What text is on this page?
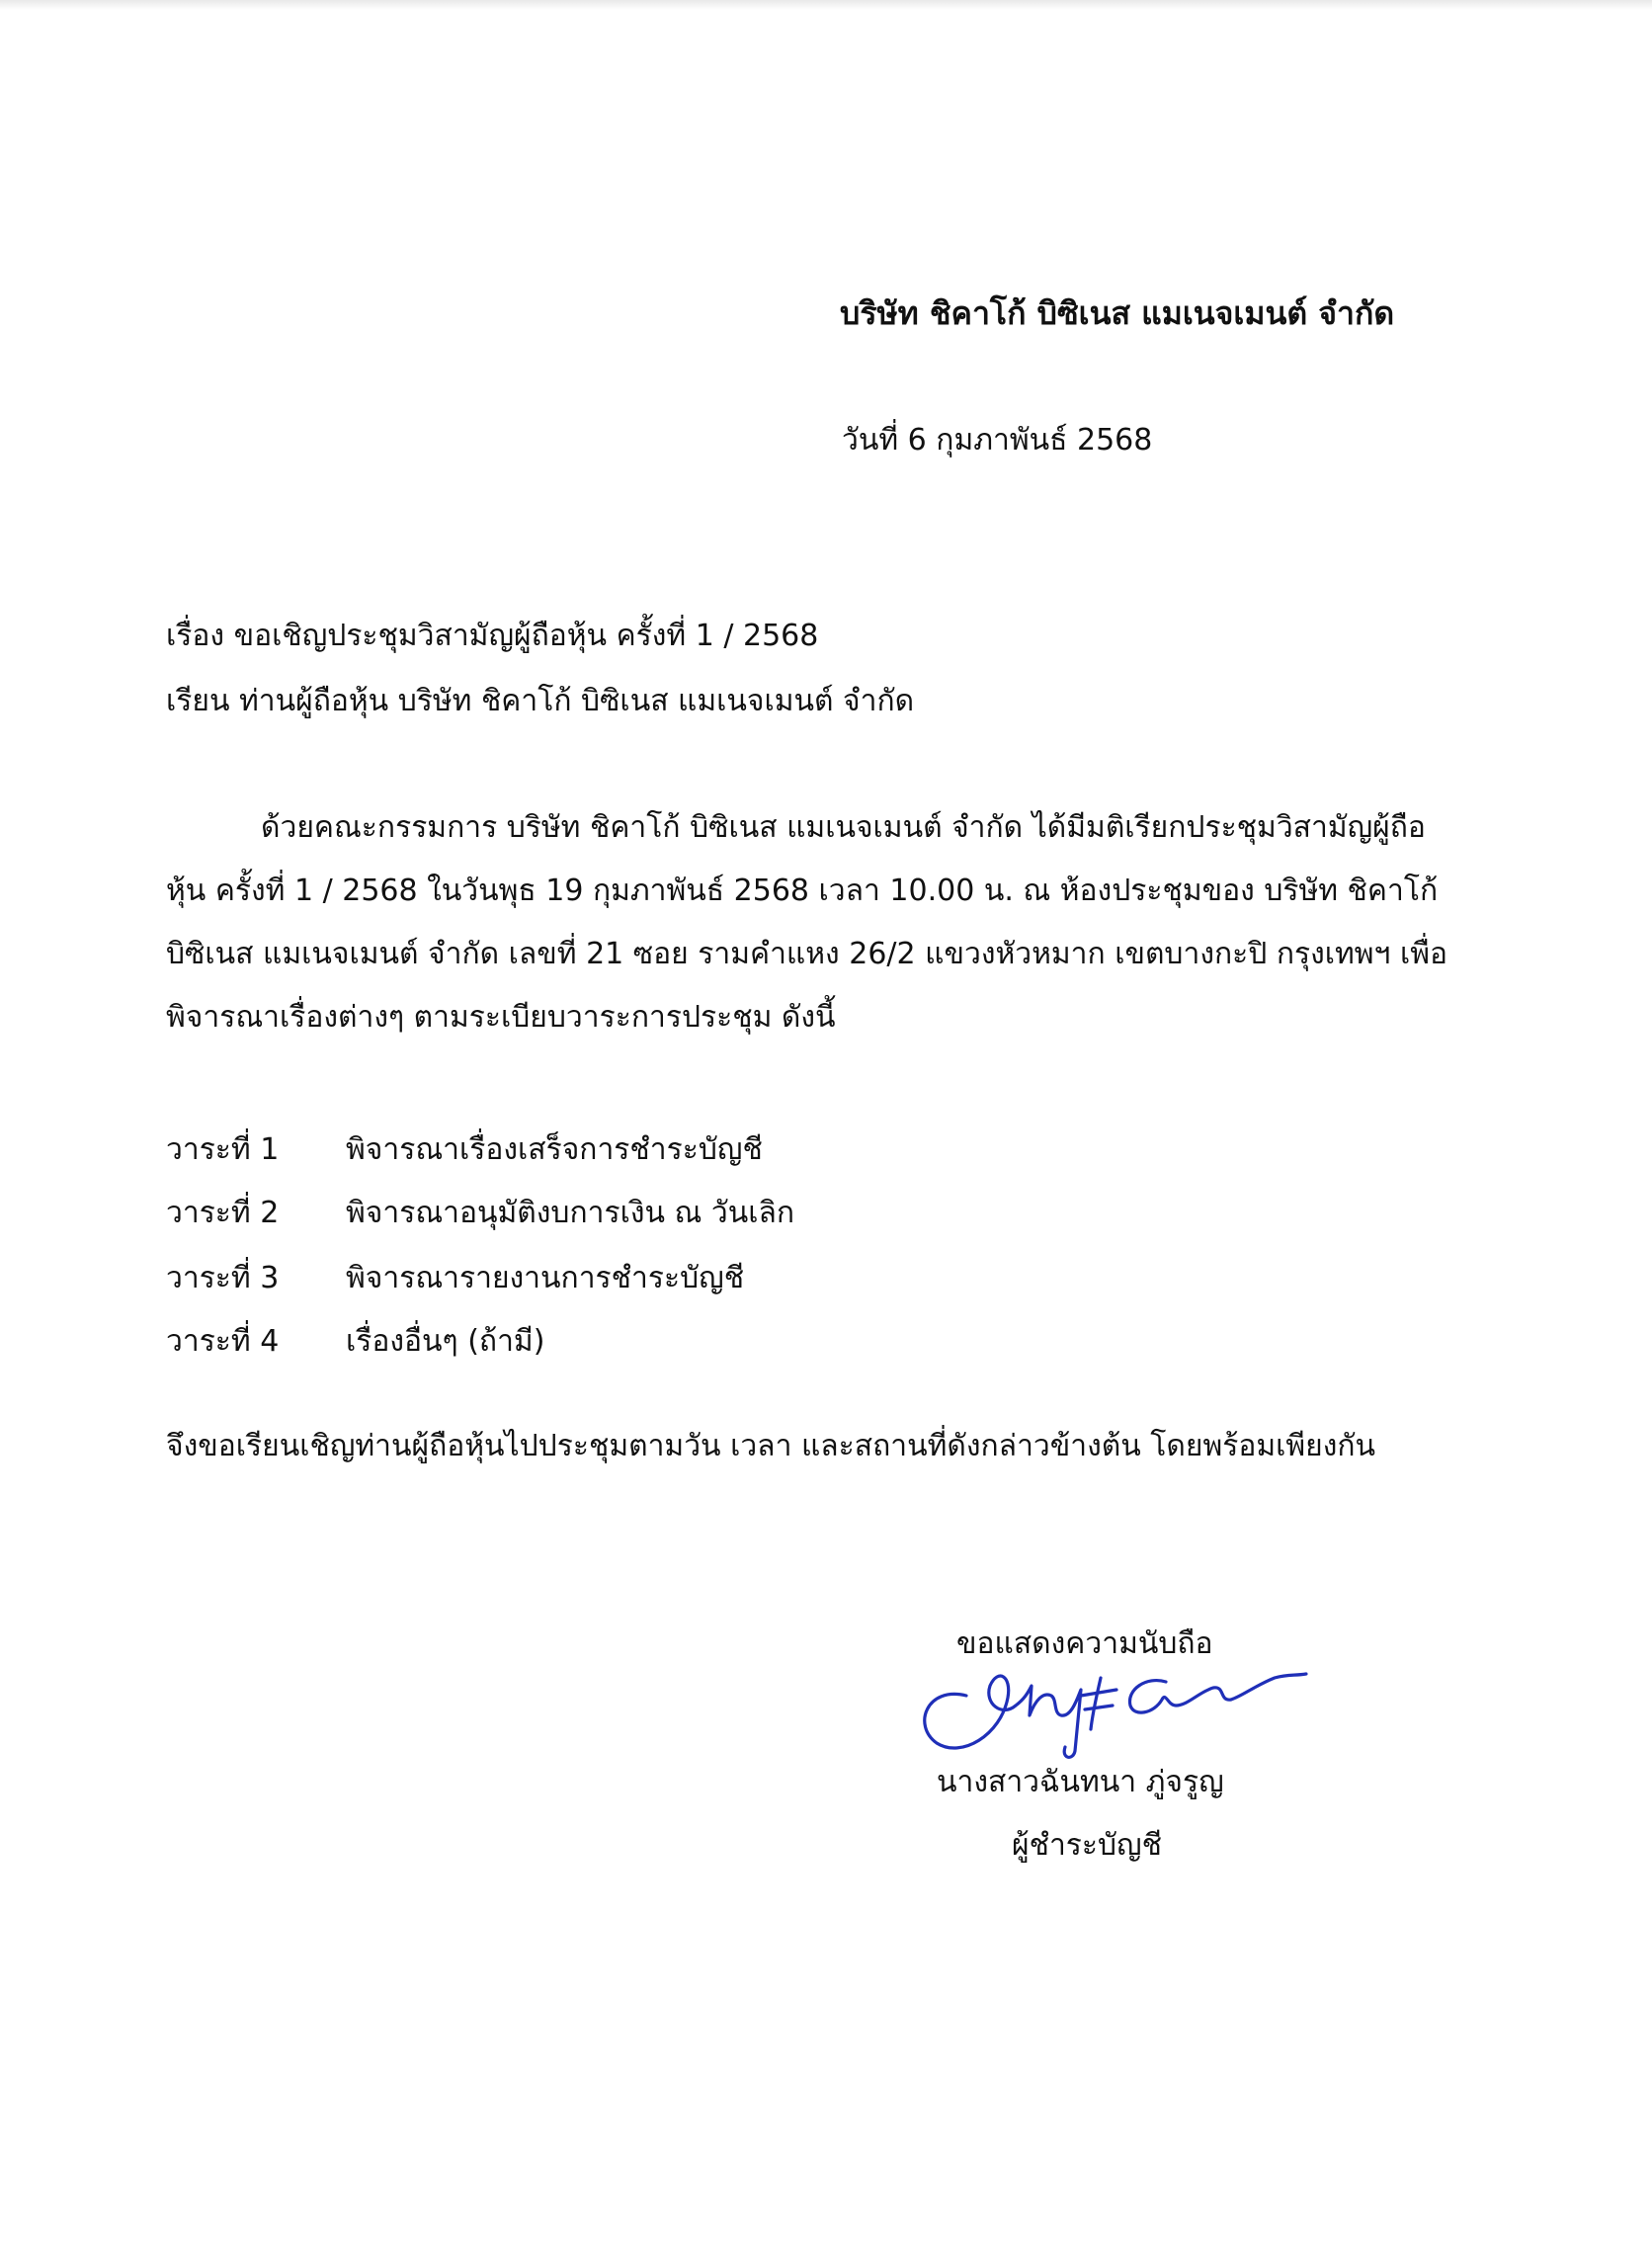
บริษัท ชิคาโก้ บิซิเนส แมเนจเมนต์ จำกัด
วันที่ 6 กุมภาพันธ์ 2568
เรื่อง ขอเชิญประชุมวิสามัญผู้ถือหุ้น ครั้งที่ 1 / 2568
เรียน ท่านผู้ถือหุ้น บริษัท ชิคาโก้ บิซิเนส แมเนจเมนต์ จำกัด
ด้วยคณะกรรมการ บริษัท ชิคาโก้ บิซิเนส แมเนจเมนต์ จำกัด ได้มีมติเรียกประชุมวิสามัญผู้ถือ
หุ้น ครั้งที่ 1 / 2568 ในวันพุธ 19 กุมภาพันธ์ 2568 เวลา 10.00 น. ณ ห้องประชุมของ บริษัท ชิคาโก้
บิซิเนส แมเนจเมนต์ จำกัด เลขที่ 21 ซอย รามคำแหง 26/2 แขวงหัวหมาก เขตบางกะปิ กรุงเทพฯ เพื่อ
พิจารณาเรื่องต่างๆ ตามระเบียบวาระการประชุม ดังนี้
วาระที่ 1 พิจารณาเรื่องเสร็จการชำระบัญชี
วาระที่ 2 พิจารณาอนุมัติงบการเงิน ณ วันเลิก
วาระที่ 3 พิจารณารายงานการชำระบัญชี
วาระที่ 4 เรื่องอื่นๆ (ถ้ามี)
จึงขอเรียนเชิญท่านผู้ถือหุ้นไปประชุมตามวัน เวลา และสถานที่ดังกล่าวข้างต้น โดยพร้อมเพียงกัน
ขอแสดงความนับถือ
นางสาวฉันทนา ภู่จรูญ
ผู้ชำระบัญชี
